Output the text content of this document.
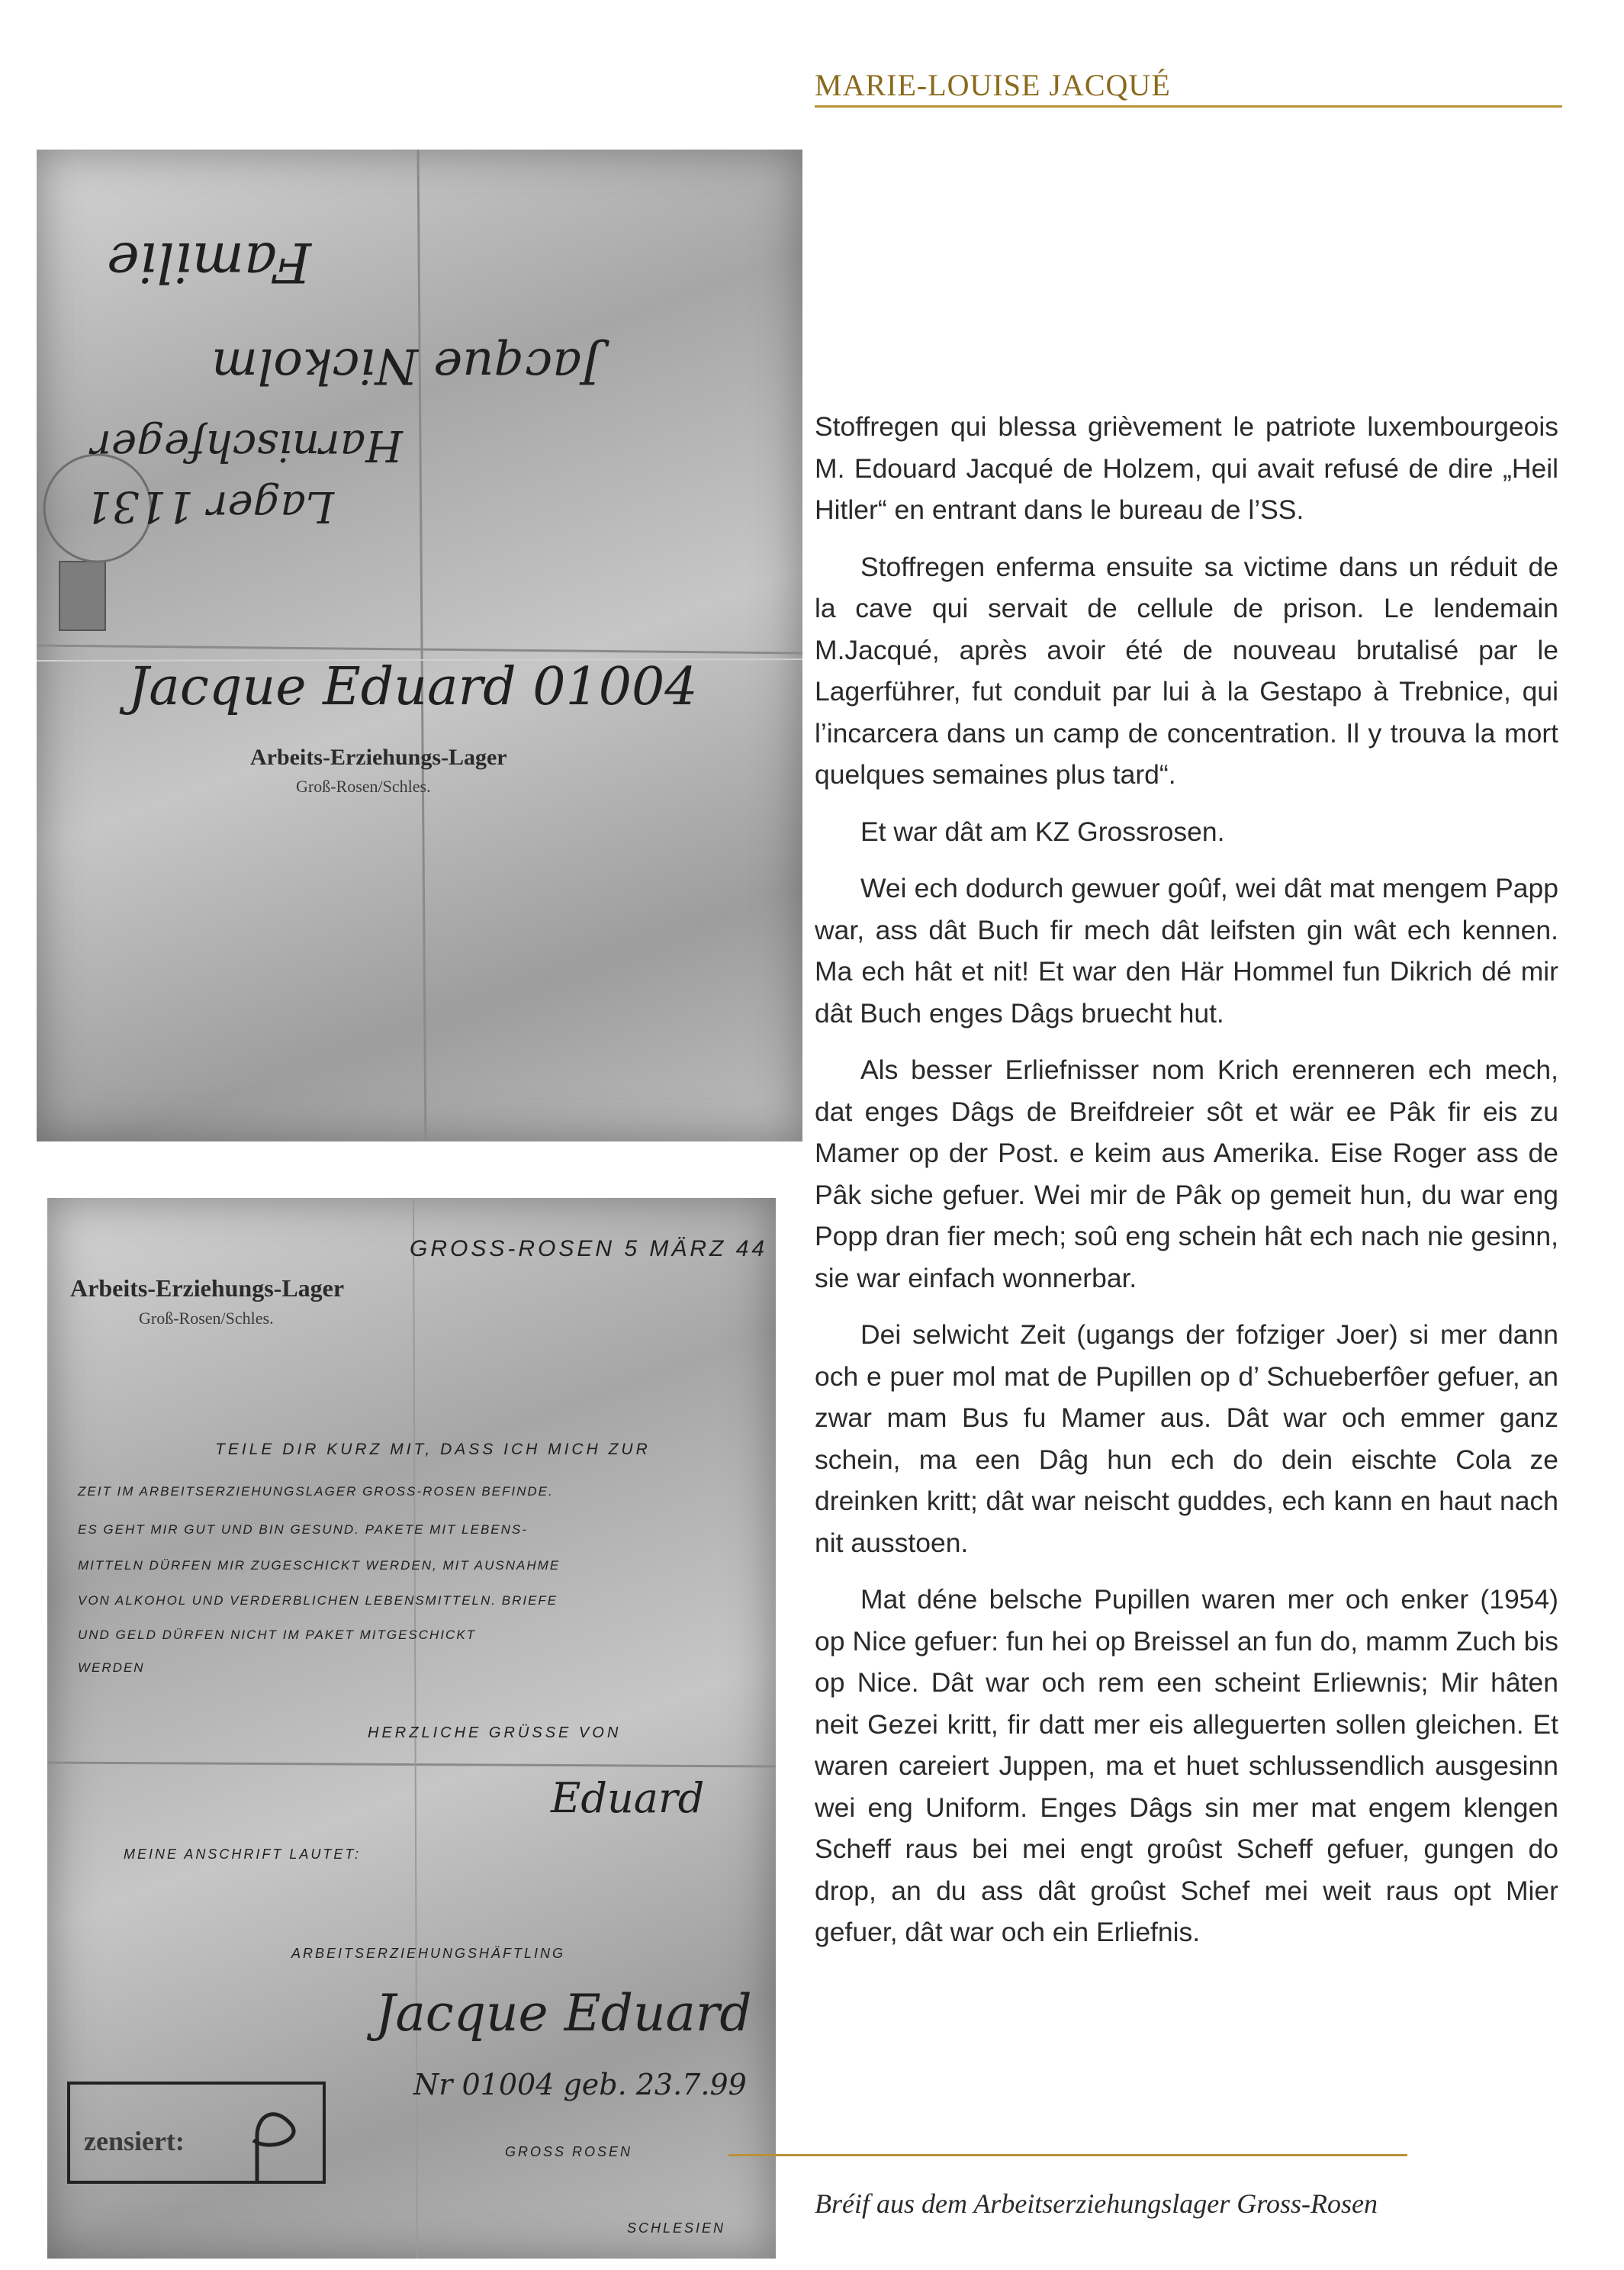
MARIE-LOUISE JACQUÉ
Familie
Jacque Nickolm
Harnischfeger
Lager 1131
Jacque Eduard 01004
Arbeits-Erziehungs-Lager
Groß-Rosen/Schles.
GROSS-ROSEN 5 MÄRZ 44
Arbeits-Erziehungs-Lager
Groß-Rosen/Schles.
TEILE DIR KURZ MIT, DASS ICH MICH ZUR
ZEIT IM ARBEITSERZIEHUNGSLAGER GROSS-ROSEN BEFINDE.
ES GEHT MIR GUT UND BIN GESUND. PAKETE MIT LEBENS-
MITTELN DÜRFEN MIR ZUGESCHICKT WERDEN, MIT AUSNAHME
VON ALKOHOL UND VERDERBLICHEN LEBENSMITTELN. BRIEFE
UND GELD DÜRFEN NICHT IM PAKET MITGESCHICKT
WERDEN
HERZLICHE GRÜSSE VON
Eduard
MEINE ANSCHRIFT LAUTET:
ARBEITSERZIEHUNGSHÄFTLING
Jacque Eduard
Nr 01004 geb. 23.7.99
GROSS ROSEN
SCHLESIEN
zensiert:

Stoffregen qui blessa grièvement le patriote luxembourgeois M. Edouard Jacqué de Holzem, qui avait refusé de dire „Heil Hitler“ en entrant dans le bureau de l’SS.

Stoffregen enferma ensuite sa victime dans un réduit de la cave qui servait de cellule de prison. Le lendemain M.Jacqué, après avoir été de nouveau brutalisé par le Lagerführer, fut conduit par lui à la Gestapo à Trebnice, qui l’incarcera dans un camp de concentration. Il y trouva la mort quelques semaines plus tard“.

Et war dât am KZ Grossrosen.

Wei ech dodurch gewuer goûf, wei dât mat mengem Papp war, ass dât Buch fir mech dât leifsten gin wât ech kennen. Ma ech hât et nit! Et war den Här Hommel fun Dikrich dé mir dât Buch enges Dâgs bruecht hut.

Als besser Erliefnisser nom Krich erenneren ech mech, dat enges Dâgs de Breifdreier sôt et wär ee Pâk fir eis zu Mamer op der Post. e keim aus Amerika. Eise Roger ass de Pâk siche gefuer. Wei mir de Pâk op gemeit hun, du war eng Popp dran fier mech; soû eng schein hât ech nach nie gesinn, sie war einfach wonnerbar.

Dei selwicht Zeit (ugangs der fofziger Joer) si mer dann och e puer mol mat de Pupillen op d’ Schueberfôer gefuer, an zwar mam Bus fu Mamer aus. Dât war och emmer ganz schein, ma een Dâg hun ech do dein eischte Cola ze dreinken kritt; dât war neischt guddes, ech kann en haut nach nit ausstoen.

Mat déne belsche Pupillen waren mer och enker (1954) op Nice gefuer: fun hei op Breissel an fun do, mamm Zuch bis op Nice. Dât war och rem een scheint Erliewnis; Mir hâten neit Gezei kritt, fir datt mer eis alleguerten sollen gleichen. Et waren careiert Juppen, ma et huet schlussendlich ausgesinn wei eng Uniform. Enges Dâgs sin mer mat engem klengen Scheff raus bei mei engt groûst Scheff gefuer, gungen do drop, an du ass dât groûst Schef mei weit raus opt Mier gefuer, dât war och ein Erliefnis.

Bréif aus dem Arbeitserziehungslager Gross-Rosen
